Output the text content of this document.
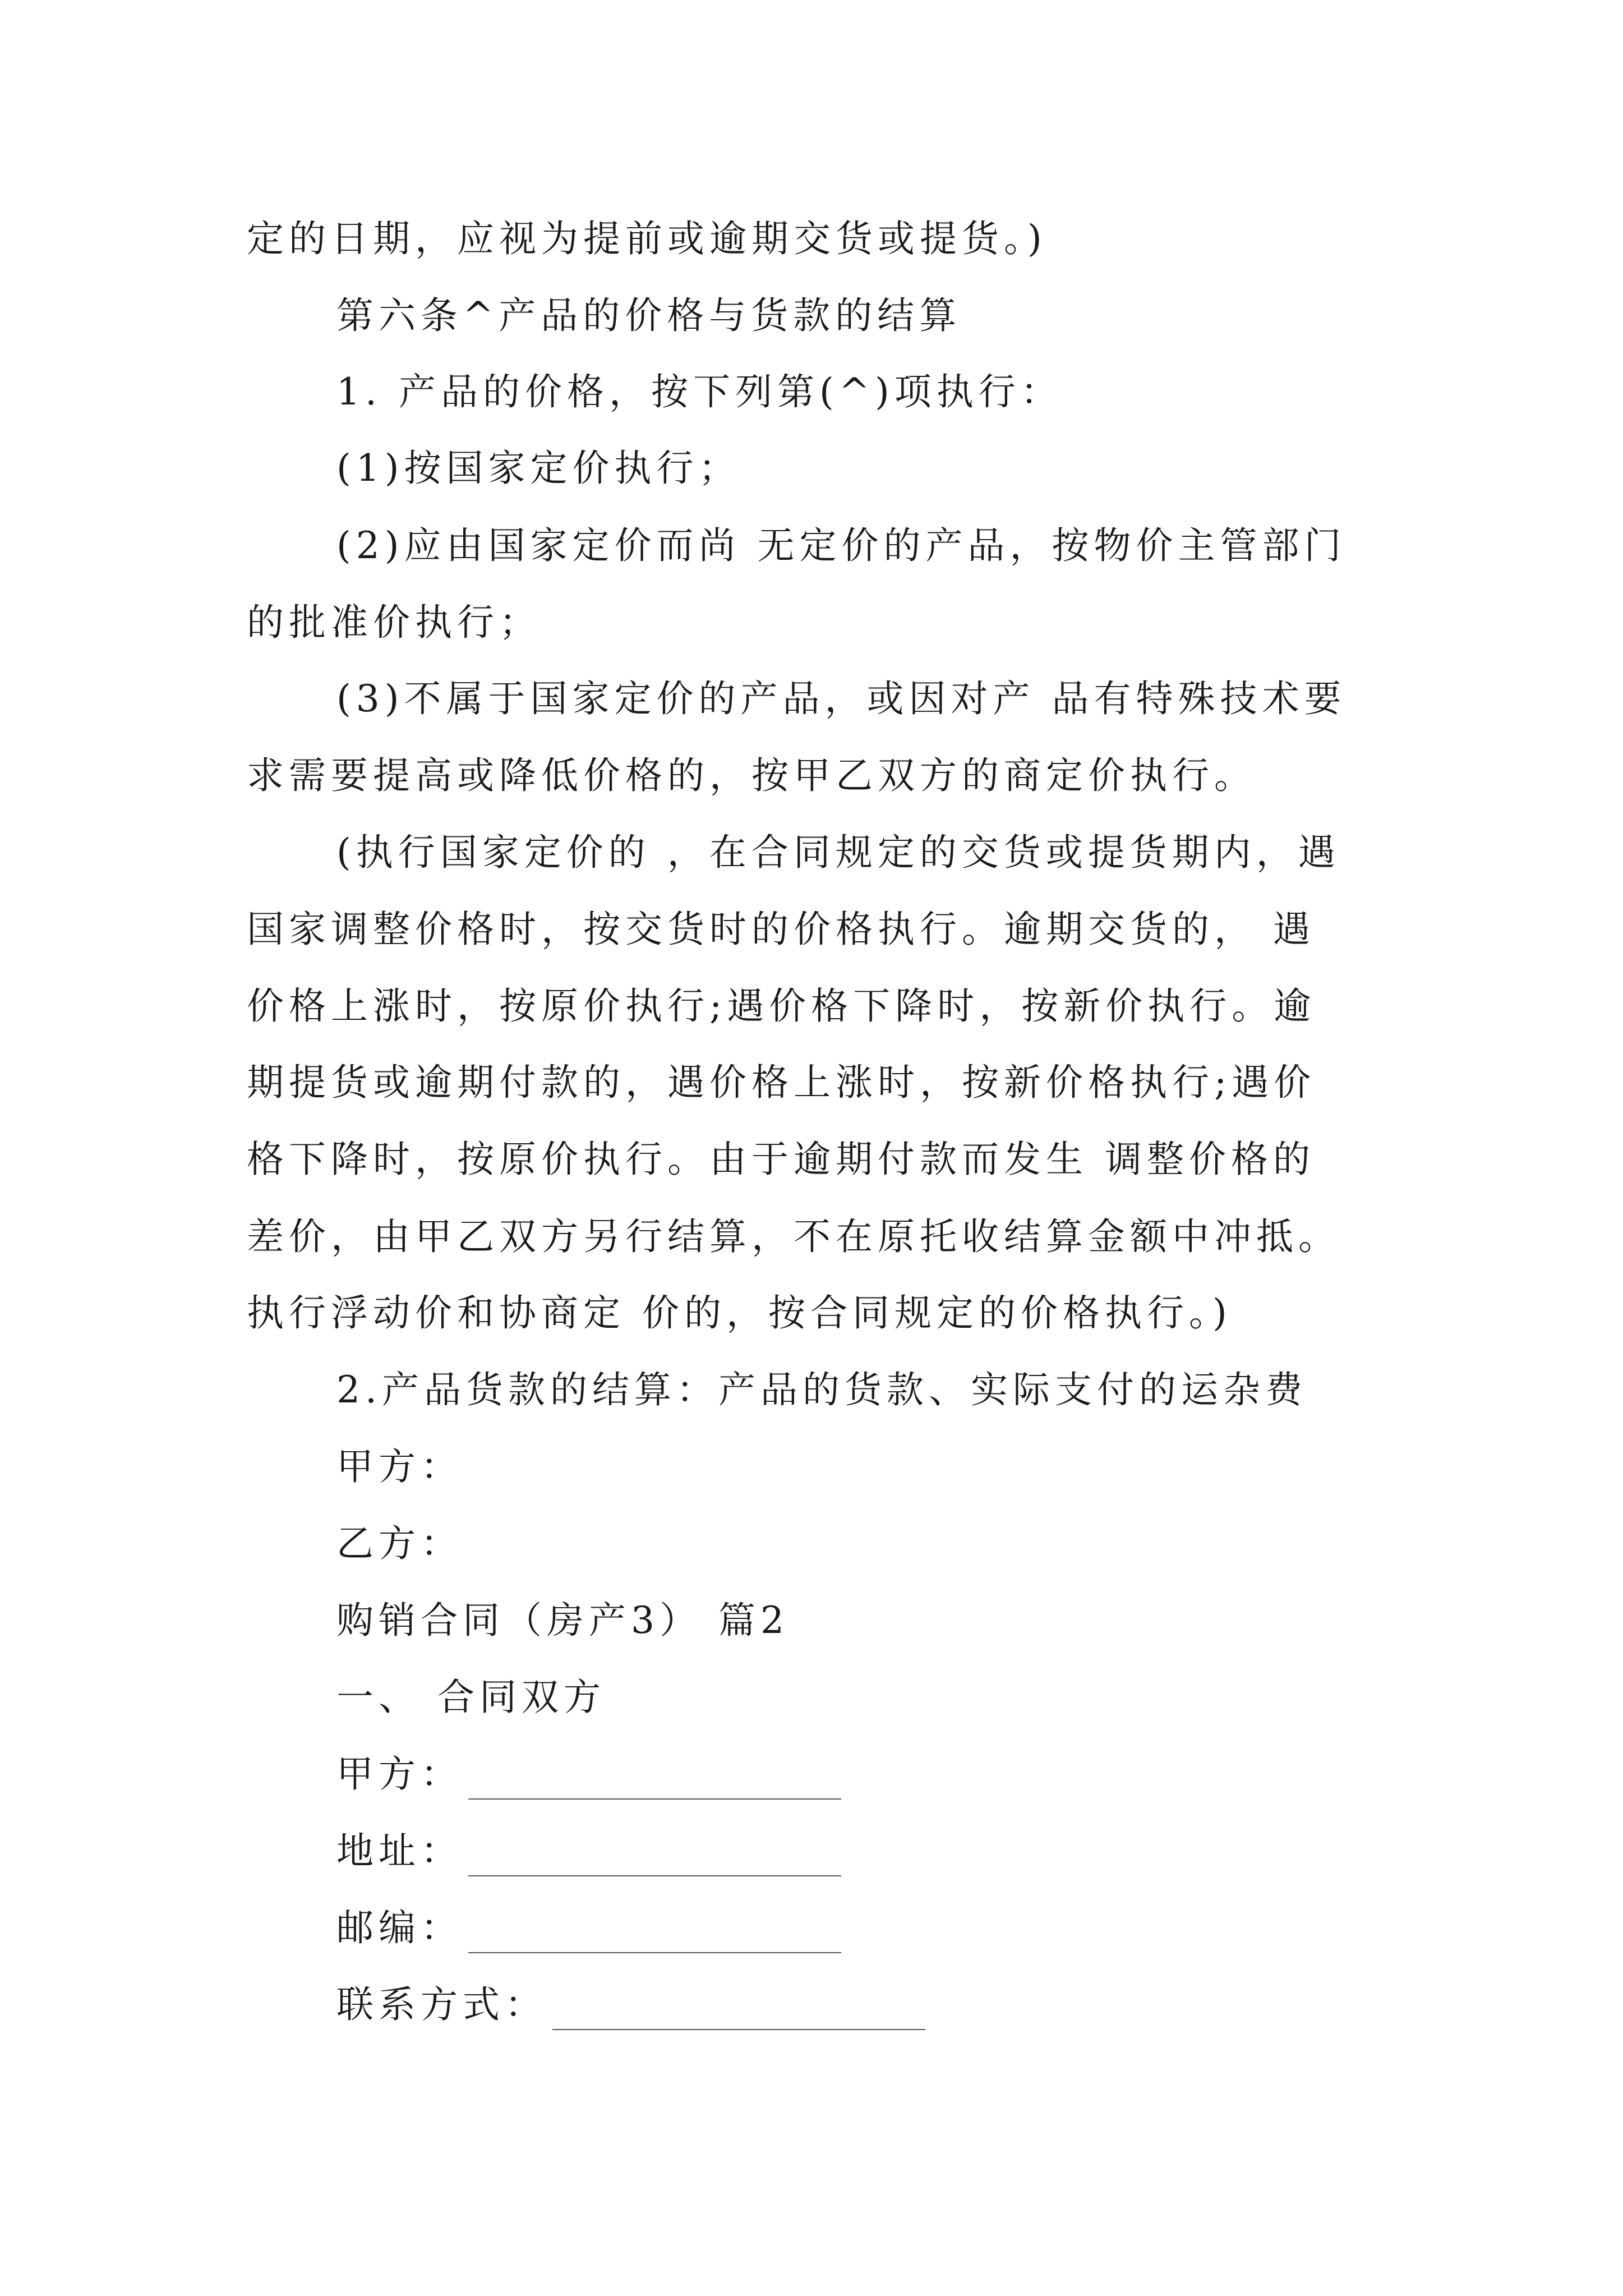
定的日期，应视为提前或逾期交货或提货。)
第六条^产品的价格与货款的结算
1. 产品的价格，按下列第(^)项执行：
(1)按国家定价执行；
(2)应由国家定价而尚 无定价的产品，按物价主管部门
的批准价执行；
(3)不属于国家定价的产品，或因对产 品有特殊技术要
求需要提高或降低价格的，按甲乙双方的商定价执行。
(执行国家定价的 ，在合同规定的交货或提货期内，遇
国家调整价格时，按交货时的价格执行。逾期交货的， 遇
价格上涨时，按原价执行;遇价格下降时，按新价执行。逾
期提货或逾期付款的，遇价格上涨时，按新价格执行;遇价
格下降时，按原价执行。由于逾期付款而发生 调整价格的
差价，由甲乙双方另行结算，不在原托收结算金额中冲抵。
执行浮动价和协商定 价的，按合同规定的价格执行。)
2.产品货款的结算：产品的货款、实际支付的运杂费
甲方：
乙方：
购销合同（房产3） 篇2
一、 合同双方
甲方：
地址：
邮编：
联系方式：
